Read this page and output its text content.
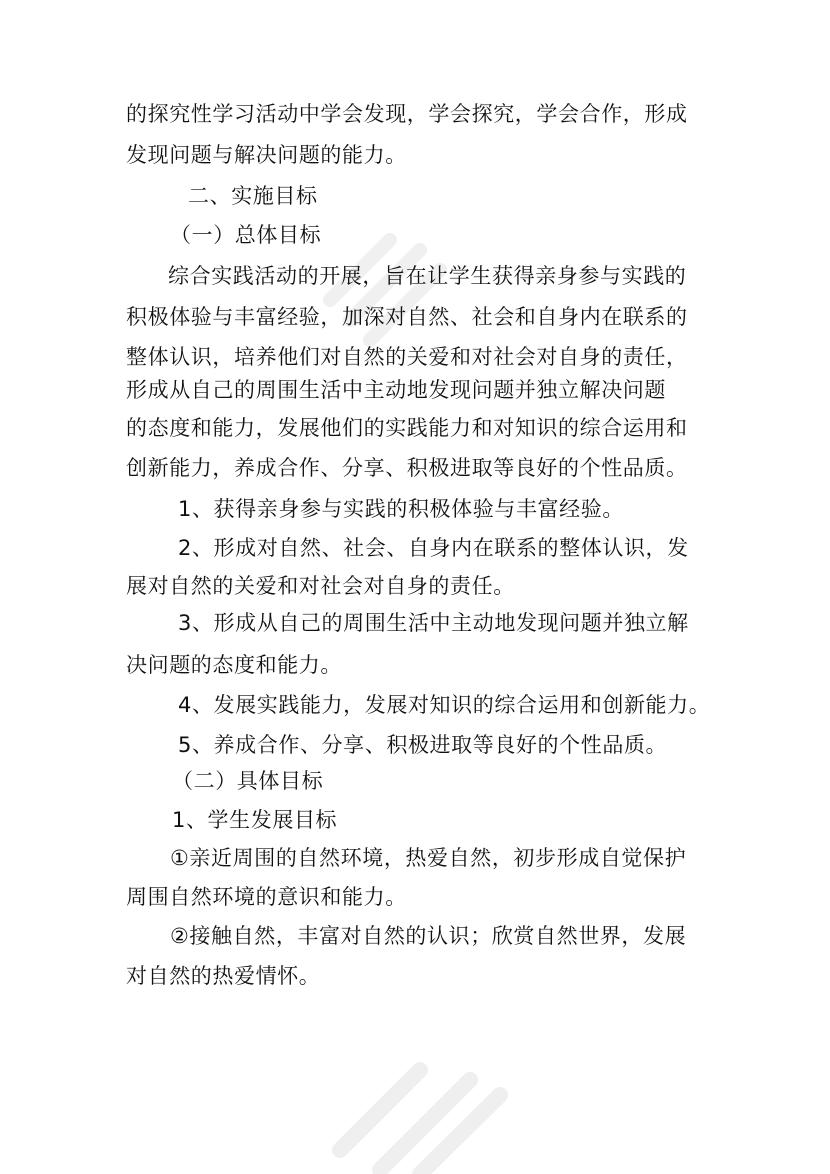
的探究性学习活动中学会发现，学会探究，学会合作，形成

发现问题与解决问题的能力。

二、实施目标

（一）总体目标

综合实践活动的开展，旨在让学生获得亲身参与实践的

积极体验与丰富经验，加深对自然、社会和自身内在联系的

整体认识，培养他们对自然的关爱和对社会对自身的责任，

形成从自己的周围生活中主动地发现问题并独立解决问题

的态度和能力，发展他们的实践能力和对知识的综合运用和

创新能力，养成合作、分享、积极进取等良好的个性品质。

1、获得亲身参与实践的积极体验与丰富经验。

2、形成对自然、社会、自身内在联系的整体认识，发

展对自然的关爱和对社会对自身的责任。

3、形成从自己的周围生活中主动地发现问题并独立解

决问题的态度和能力。

4、发展实践能力，发展对知识的综合运用和创新能力。

5、养成合作、分享、积极进取等良好的个性品质。

（二）具体目标

1、学生发展目标

①亲近周围的自然环境，热爱自然，初步形成自觉保护

周围自然环境的意识和能力。

②接触自然，丰富对自然的认识；欣赏自然世界，发展

对自然的热爱情怀。
